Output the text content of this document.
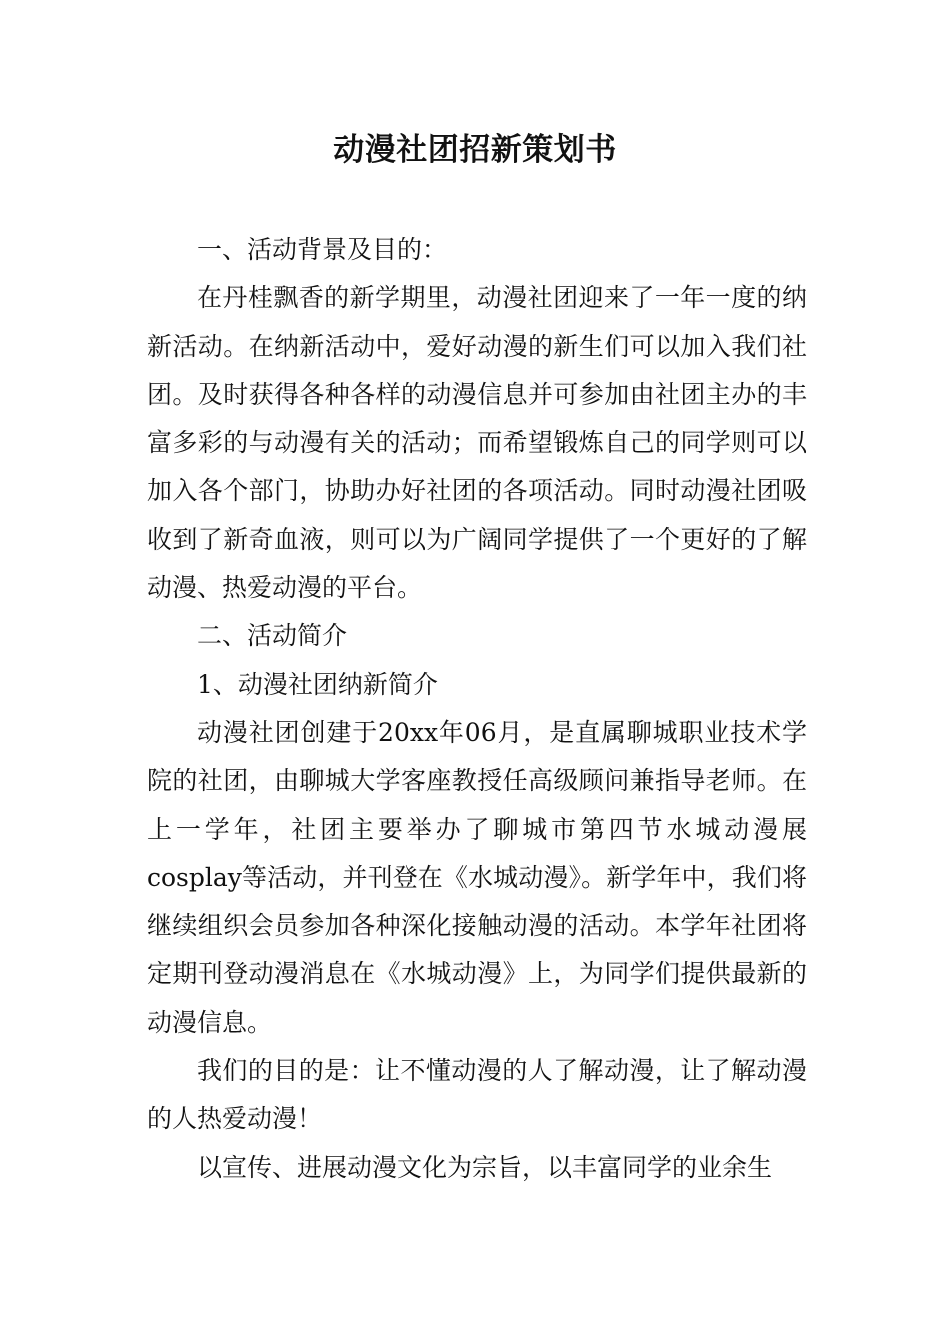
动漫社团招新策划书

一、活动背景及目的：

在丹桂飘香的新学期里，动漫社团迎来了一年一度的纳新活动。在纳新活动中，爱好动漫的新生们可以加入我们社团。及时获得各种各样的动漫信息并可参加由社团主办的丰富多彩的与动漫有关的活动；而希望锻炼自己的同学则可以加入各个部门，协助办好社团的各项活动。同时动漫社团吸收到了新奇血液，则可以为广阔同学提供了一个更好的了解动漫、热爱动漫的平台。

二、活动简介

1、动漫社团纳新简介

动漫社团创建于20xx年06月，是直属聊城职业技术学院的社团，由聊城大学客座教授任高级顾问兼指导老师。在上一学年，社团主要举办了聊城市第四节水城动漫展cosplay等活动，并刊登在《水城动漫》。新学年中，我们将继续组织会员参加各种深化接触动漫的活动。本学年社团将定期刊登动漫消息在《水城动漫》上，为同学们提供最新的动漫信息。

我们的目的是：让不懂动漫的人了解动漫，让了解动漫的人热爱动漫！

以宣传、进展动漫文化为宗旨，以丰富同学的业余生
